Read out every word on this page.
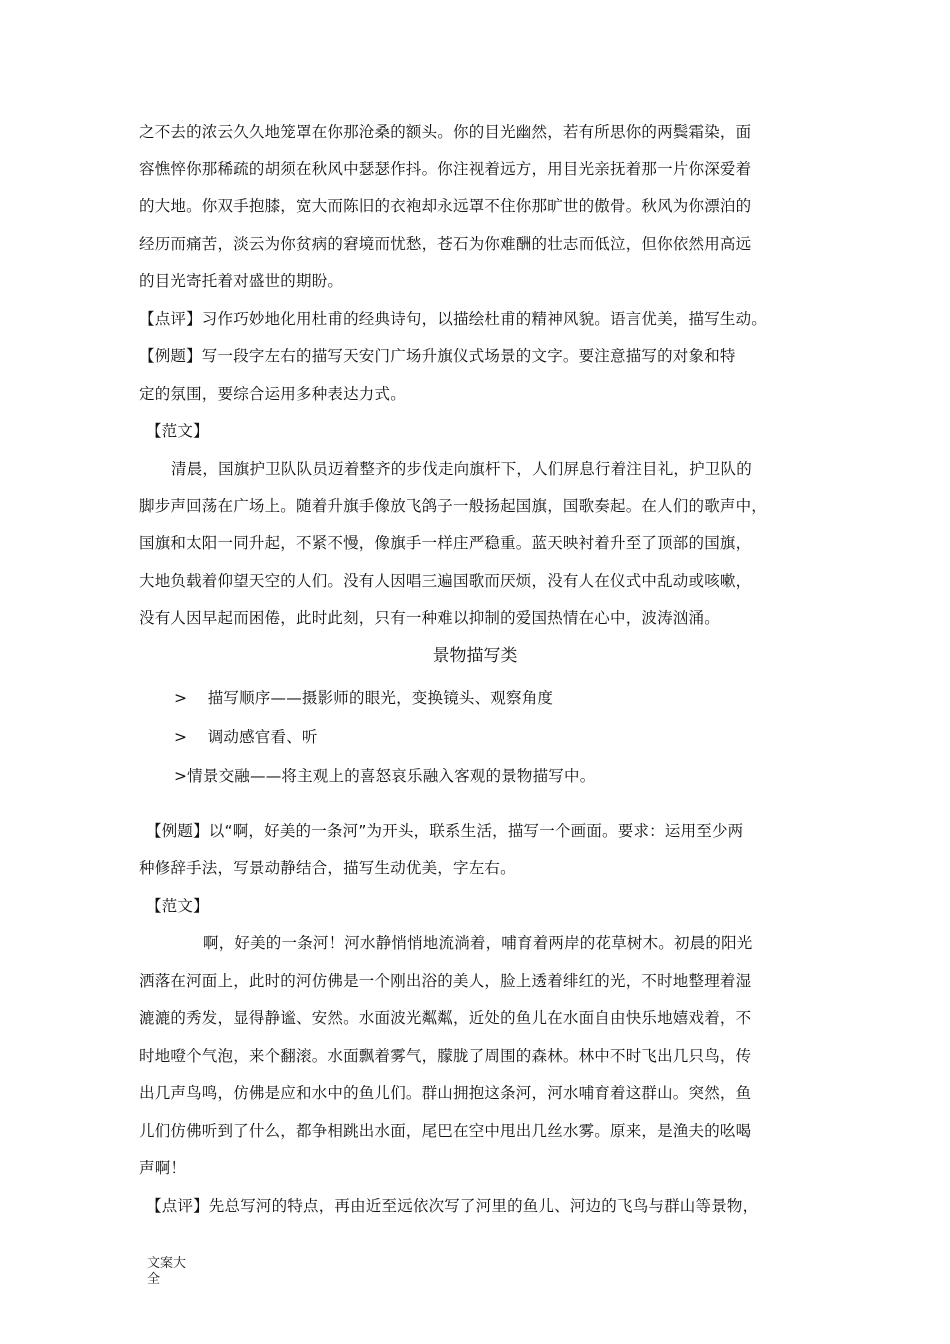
之不去的浓云久久地笼罩在你那沧桑的额头。你的目光幽然，若有所思你的两鬓霜染，面
容憔悴你那稀疏的胡须在秋风中瑟瑟作抖。你注视着远方，用目光亲抚着那一片你深爱着
的大地。你双手抱膝，宽大而陈旧的衣袍却永远罩不住你那旷世的傲骨。秋风为你漂泊的
经历而痛苦，淡云为你贫病的窘境而忧愁，苍石为你难酬的壮志而低泣，但你依然用高远
的目光寄托着对盛世的期盼。
【点评】习作巧妙地化用杜甫的经典诗句，以描绘杜甫的精神风貌。语言优美，描写生动。
【例题】写一段字左右的描写天安门广场升旗仪式场景的文字。要注意描写的对象和特
定的氛围，要综合运用多种表达力式。
【范文】
清晨，国旗护卫队队员迈着整齐的步伐走向旗杆下，人们屏息行着注目礼，护卫队的
脚步声回荡在广场上。随着升旗手像放飞鸽子一般扬起国旗，国歌奏起。在人们的歌声中，
国旗和太阳一同升起，不紧不慢，像旗手一样庄严稳重。蓝天映衬着升至了顶部的国旗，
大地负载着仰望天空的人们。没有人因唱三遍国歌而厌烦，没有人在仪式中乱动或咳嗽，
没有人因早起而困倦，此时此刻，只有一种难以抑制的爱国热情在心中，波涛汹涌。
景物描写类
>    描写顺序——摄影师的眼光，变换镜头、观察角度
>    调动感官看、听
>情景交融——将主观上的喜怒哀乐融入客观的景物描写中。
【例题】以“啊，好美的一条河”为开头，联系生活，描写一个画面。要求：运用至少两
种修辞手法，写景动静结合，描写生动优美，字左右。
【范文】
啊，好美的一条河！河水静悄悄地流淌着，哺育着两岸的花草树木。初晨的阳光
洒落在河面上，此时的河仿佛是一个刚出浴的美人，脸上透着绯红的光，不时地整理着湿
漉漉的秀发，显得静谧、安然。水面波光粼粼，近处的鱼儿在水面自由快乐地嬉戏着，不
时地噔个气泡，来个翻滚。水面飘着雾气，朦胧了周围的森林。林中不时飞出几只鸟，传
出几声鸟鸣，仿佛是应和水中的鱼儿们。群山拥抱这条河，河水哺育着这群山。突然，鱼
儿们仿佛听到了什么，都争相跳出水面，尾巴在空中甩出几丝水雾。原来，是渔夫的吆喝
声啊！
【点评】先总写河的特点，再由近至远依次写了河里的鱼儿、河边的飞鸟与群山等景物，
文案大全
